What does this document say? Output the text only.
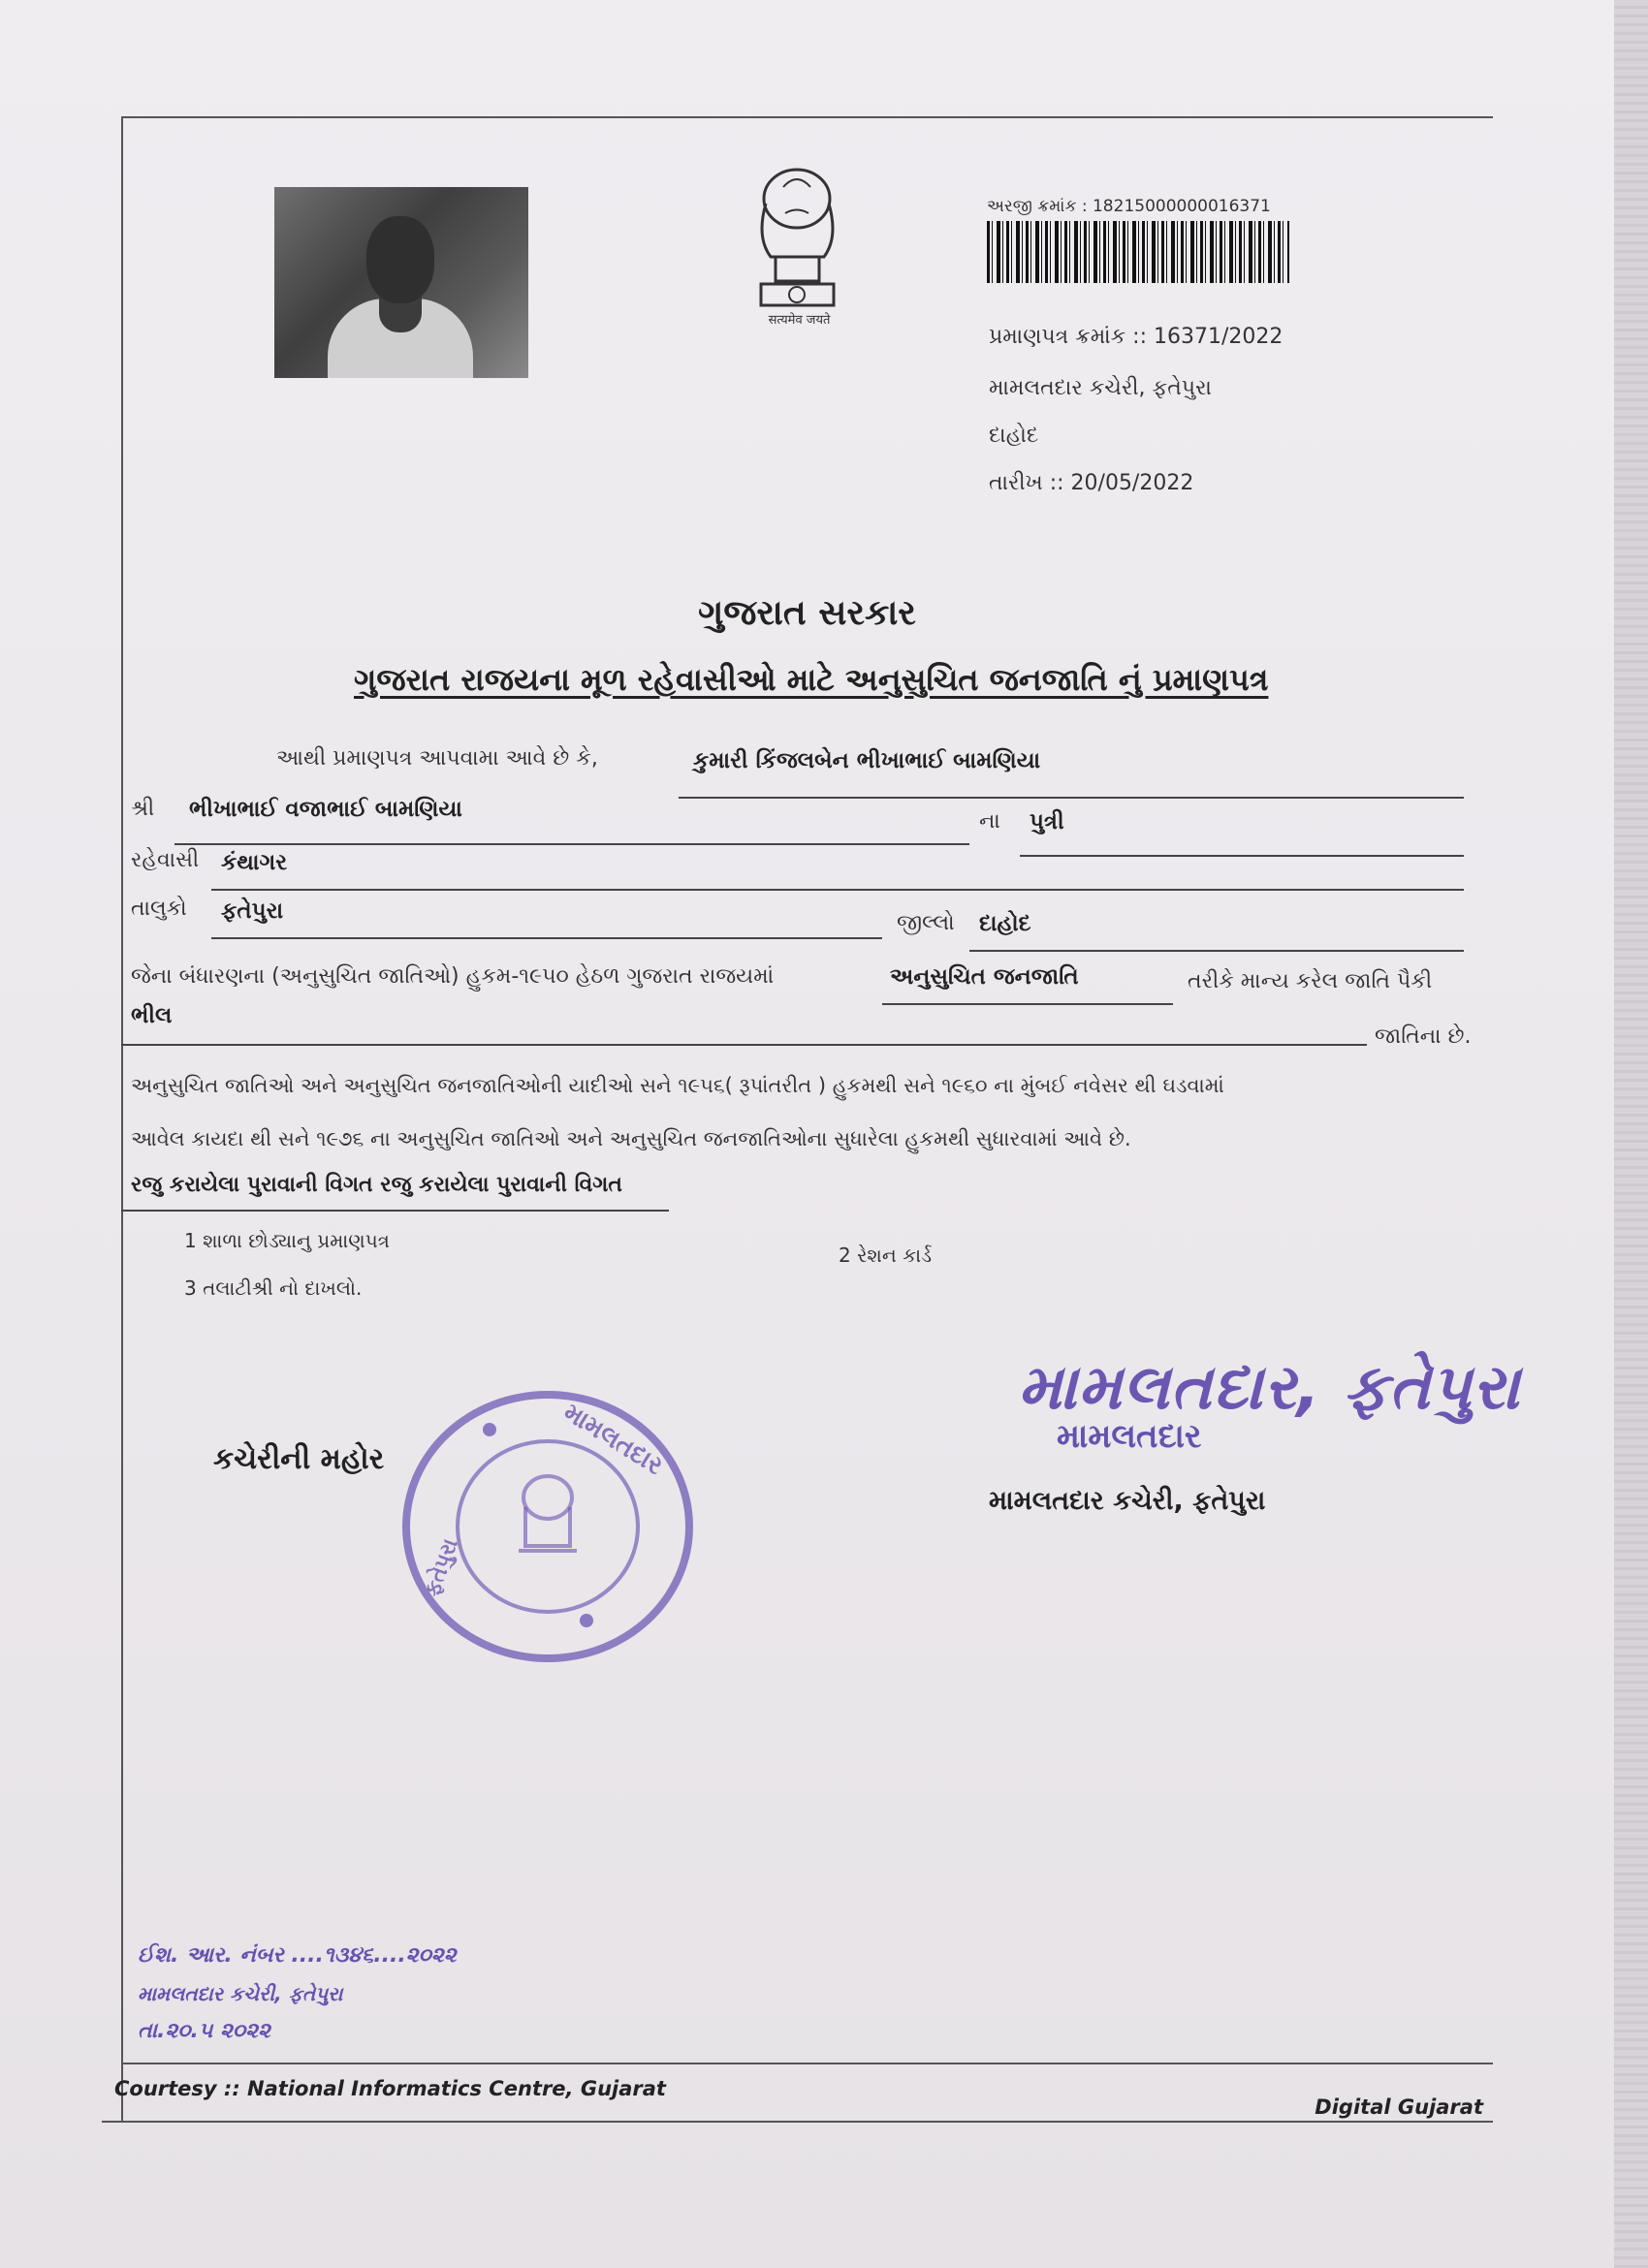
सत्यमेव जयते
અરજી ક્રમાંક : 18215000000016371
પ્રમાણપત્ર ક્રમાંક :: 16371/2022
મામલતદાર કચેરી, ફતેપુરા
દાહોદ
તારીખ :: 20/05/2022
ગુજરાત સરકાર
ગુજરાત રાજયના મૂળ રહેવાસીઓ માટે અનુસુચિત જનજાતિ નું પ્રમાણપત્ર
આથી પ્રમાણપત્ર આપવામા આવે છે કે,	કુમારી કિંજલબેન ભીખાભાઈ બામણિયા
શ્રી ભીખાભાઈ વજાભાઈ બામણિયા	ના પુત્રી
રહેવાસી કંથાગર
તાલુકો ફતેપુરા	જીલ્લો દાહોદ
જેના બંધારણના (અનુસુચિત જાતિઓ) હુકમ-૧૯૫૦ હેઠળ ગુજરાત રાજયમાં	અનુસુચિત જનજાતિ	તરીકે માન્ય કરેલ જાતિ પૈકી
ભીલ
જાતિના છે.
અનુસુચિત જાતિઓ અને અનુસુચિત જનજાતિઓની યાદીઓ સને ૧૯૫૬( રૂપાંતરીત ) હુકમથી સને ૧૯૬૦ ના મુંબઈ નવેસર થી ઘડવામાં
આવેલ કાયદા થી સને ૧૯૭૬ ના અનુસુચિત જાતિઓ અને અનુસુચિત જનજાતિઓના સુધારેલા હુકમથી સુધારવામાં આવે છે.
રજુ કરાયેલા પુરાવાની વિગત રજુ કરાયેલા પુરાવાની વિગત
1 શાળા છોડ્યાનુ પ્રમાણપત્ર
2 રેશન કાર્ડ
3 તલાટીશ્રી નો દાખલો.
કચેરીની મહોર	મામલતદાર
ફતેપુરા
મામલતદાર, ફતેપુરા
મામલતદાર
મામલતદાર કચેરી, ફતેપુરા
ઈશ. આર. નંબર ....૧૩૪૬....૨૦૨૨
મામલતદાર કચેરી, ફતેપુરા
તા.૨૦.૫ ૨૦૨૨
Courtesy :: National Informatics Centre, Gujarat
Digital Gujarat
